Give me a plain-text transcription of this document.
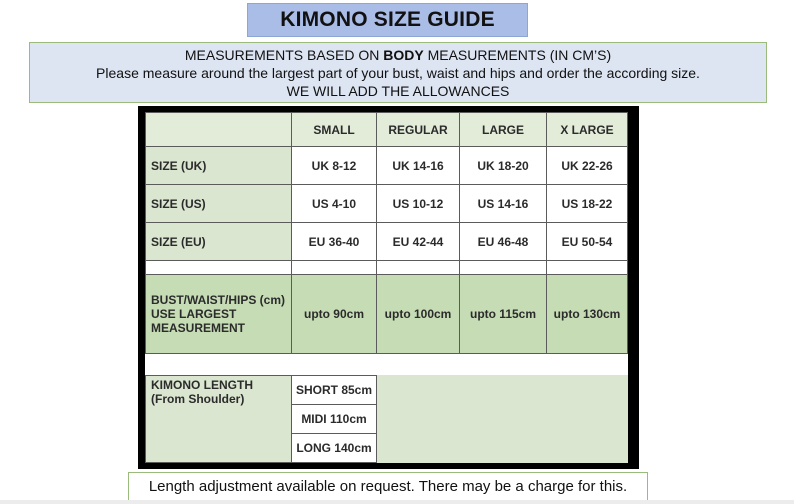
KIMONO SIZE GUIDE
MEASUREMENTS BASED ON BODY MEASUREMENTS (IN CM’S)
Please measure around the largest part of your bust, waist and hips and order the according size.
WE WILL ADD THE ALLOWANCES
SMALL	REGULAR	LARGE	X LARGE
SIZE (UK)	UK 8-12	UK 14-16	UK 18-20	UK 22-26
SIZE (US)	US 4-10	US 10-12	US 14-16	US 18-22
SIZE (EU)	EU 36-40	EU 42-44	EU 46-48	EU 50-54
BUST/WAIST/HIPS (cm)
USE LARGEST
MEASUREMENT
upto 90cm	upto 100cm	upto 115cm	upto 130cm
KIMONO LENGTH
(From Shoulder)
SHORT 85cm
MIDI 110cm
LONG 140cm
Length adjustment available on request. There may be a charge for this.
